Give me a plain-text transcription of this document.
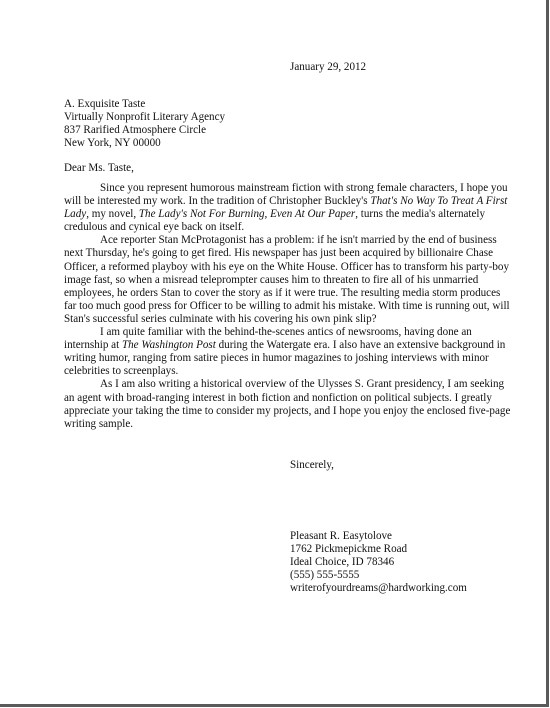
January 29, 2012
A. Exquisite Taste
Virtually Nonprofit Literary Agency
837 Rarified Atmosphere Circle
New York, NY 00000
Dear Ms. Taste,

Since you represent humorous mainstream fiction with strong female characters, I hope you will be interested my work. In the tradition of Christopher Buckley's That's No Way To Treat A First Lady, my novel, The Lady's Not For Burning, Even At Our Paper, turns the media's alternately credulous and cynical eye back on itself.

Ace reporter Stan McProtagonist has a problem: if he isn't married by the end of business next Thursday, he's going to get fired. His newspaper has just been acquired by billionaire Chase Officer, a reformed playboy with his eye on the White House. Officer has to transform his party-boy image fast, so when a misread teleprompter causes him to threaten to fire all of his unmarried employees, he orders Stan to cover the story as if it were true. The resulting media storm produces far too much good press for Officer to be willing to admit his mistake. With time is running out, will Stan's successful series culminate with his covering his own pink slip?

I am quite familiar with the behind-the-scenes antics of newsrooms, having done an internship at The Washington Post during the Watergate era. I also have an extensive background in writing humor, ranging from satire pieces in humor magazines to joshing interviews with minor celebrities to screenplays.

As I am also writing a historical overview of the Ulysses S. Grant presidency, I am seeking an agent with broad-ranging interest in both fiction and nonfiction on political subjects. I greatly appreciate your taking the time to consider my projects, and I hope you enjoy the enclosed five-page writing sample.

Sincerely,
Pleasant R. Easytolove
1762 Pickmepickme Road
Ideal Choice, ID 78346
(555) 555-5555
writerofyourdreams@hardworking.com
